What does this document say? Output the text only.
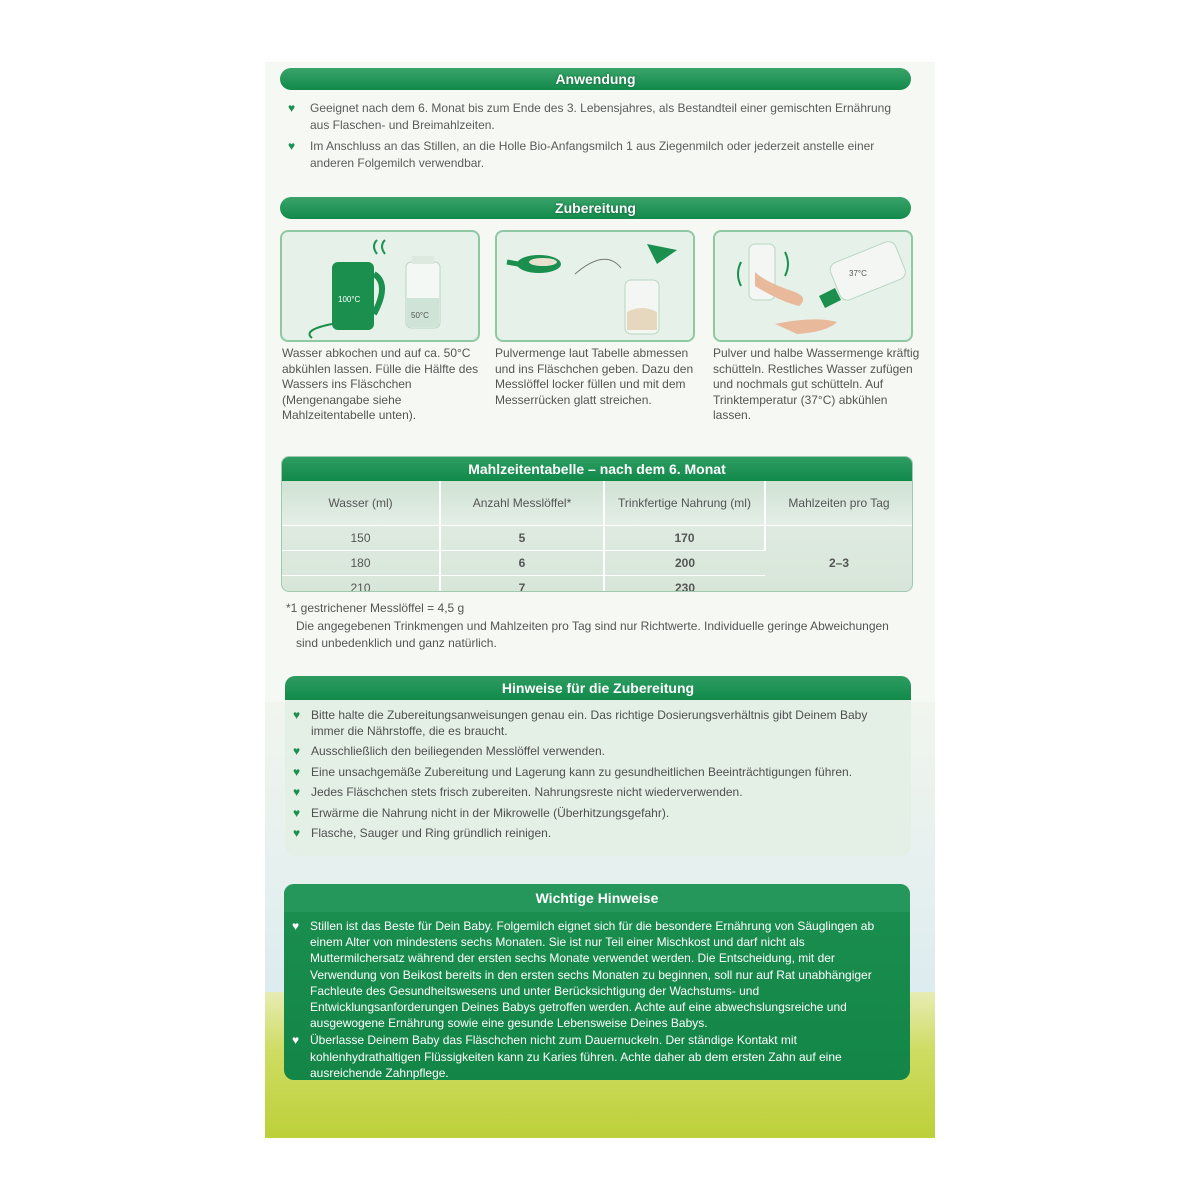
Anwendung
♥ Geeignet nach dem 6. Monat bis zum Ende des 3. Lebensjahres, als Bestandteil einer gemischten Ernährung aus Flaschen- und Breimahlzeiten.
♥ Im Anschluss an das Stillen, an die Holle Bio-Anfangsmilch 1 aus Ziegenmilch oder jederzeit anstelle einer anderen Folgemilch verwendbar.
Zubereitung
100°C
50°C
37°C

Wasser abkochen und auf ca. 50°C abkühlen lassen. Fülle die Hälfte des Wassers ins Fläschchen (Mengenangabe siehe Mahlzeitentabelle unten).

Pulvermenge laut Tabelle abmessen und ins Fläschchen geben. Dazu den Messlöffel locker füllen und mit dem Messerrücken glatt streichen.

Pulver und halbe Wassermenge kräftig schütteln. Restliches Wasser zufügen und nochmals gut schütteln. Auf Trinktemperatur (37°C) abkühlen lassen.

Mahlzeitentabelle – nach dem 6. Monat
Wasser (ml)	Anzahl Messlöffel*	Trinkfertige Nahrung (ml)	Mahlzeiten pro Tag
150	5	170	2–3
180	6	200	
210	7	230	

*1 gestrichener Messlöffel = 4,5 g

Die angegebenen Trinkmengen und Mahlzeiten pro Tag sind nur Richtwerte. Individuelle geringe Abweichungen sind unbedenklich und ganz natürlich.

Hinweise für die Zubereitung
♥ Bitte halte die Zubereitungsanweisungen genau ein. Das richtige Dosierungsverhältnis gibt Deinem Baby immer die Nährstoffe, die es braucht.
♥ Ausschließlich den beiliegenden Messlöffel verwenden.
♥ Eine unsachgemäße Zubereitung und Lagerung kann zu gesundheitlichen Beeinträchtigungen führen.
♥ Jedes Fläschchen stets frisch zubereiten. Nahrungsreste nicht wiederverwenden.
♥ Erwärme die Nahrung nicht in der Mikrowelle (Überhitzungsgefahr).
♥ Flasche, Sauger und Ring gründlich reinigen.
Wichtige Hinweise
♥ Stillen ist das Beste für Dein Baby. Folgemilch eignet sich für die besondere Ernährung von Säuglingen ab einem Alter von mindestens sechs Monaten. Sie ist nur Teil einer Mischkost und darf nicht als Muttermilchersatz während der ersten sechs Monate verwendet werden. Die Entscheidung, mit der Verwendung von Beikost bereits in den ersten sechs Monaten zu beginnen, soll nur auf Rat unabhängiger Fachleute des Gesundheitswesens und unter Berücksichtigung der Wachstums- und Entwicklungsanforderungen Deines Babys getroffen werden. Achte auf eine abwechslungsreiche und ausgewogene Ernährung sowie eine gesunde Lebensweise Deines Babys.
♥ Überlasse Deinem Baby das Fläschchen nicht zum Dauernuckeln. Der ständige Kontakt mit kohlenhydrathaltigen Flüssigkeiten kann zu Karies führen. Achte daher ab dem ersten Zahn auf eine ausreichende Zahnpflege.
